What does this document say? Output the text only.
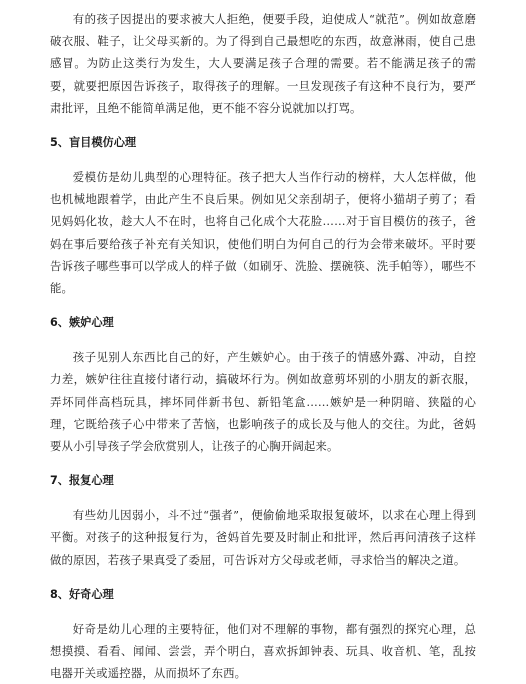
有的孩子因提出的要求被大人拒绝，便要手段，迫使成人“就范”。例如故意磨破衣服、鞋子，让父母买新的。为了得到自己最想吃的东西，故意淋雨，使自己患感冒。为防止这类行为发生，大人要满足孩子合理的需要。若不能满足孩子的需要，就要把原因告诉孩子，取得孩子的理解。一旦发现孩子有这种不良行为，要严肃批评，且绝不能简单满足他，更不能不容分说就加以打骂。

5、盲目模仿心理

爱模仿是幼儿典型的心理特征。孩子把大人当作行动的榜样，大人怎样做，他也机械地跟着学，由此产生不良后果。例如见父亲刮胡子，便将小猫胡子剪了；看见妈妈化妆，趁大人不在时，也将自己化成个大花脸……对于盲目模仿的孩子，爸妈在事后要给孩子补充有关知识，使他们明白为何自己的行为会带来破坏。平时要告诉孩子哪些事可以学成人的样子做（如刷牙、洗脸、摆碗筷、洗手帕等），哪些不能。

6、嫉妒心理

孩子见别人东西比自己的好，产生嫉妒心。由于孩子的情感外露、冲动，自控力差，嫉妒往往直接付诸行动，搞破坏行为。例如故意剪坏别的小朋友的新衣服，弄坏同伴高档玩具，摔坏同伴新书包、新铅笔盒……嫉妒是一种阴暗、狭隘的心理，它既给孩子心中带来了苦恼，也影响孩子的成长及与他人的交往。为此，爸妈要从小引导孩子学会欣赏别人，让孩子的心胸开阔起来。

7、报复心理

有些幼儿因弱小，斗不过“强者”，便偷偷地采取报复破坏，以求在心理上得到平衡。对孩子的这种报复行为，爸妈首先要及时制止和批评，然后再问清孩子这样做的原因，若孩子果真受了委屈，可告诉对方父母或老师，寻求恰当的解决之道。

8、好奇心理

好奇是幼儿心理的主要特征，他们对不理解的事物，都有强烈的探究心理，总想摸摸、看看、闻闻、尝尝，弄个明白，喜欢拆卸钟表、玩具、收音机、笔，乱按电器开关或遥控器，从而损坏了东西。
